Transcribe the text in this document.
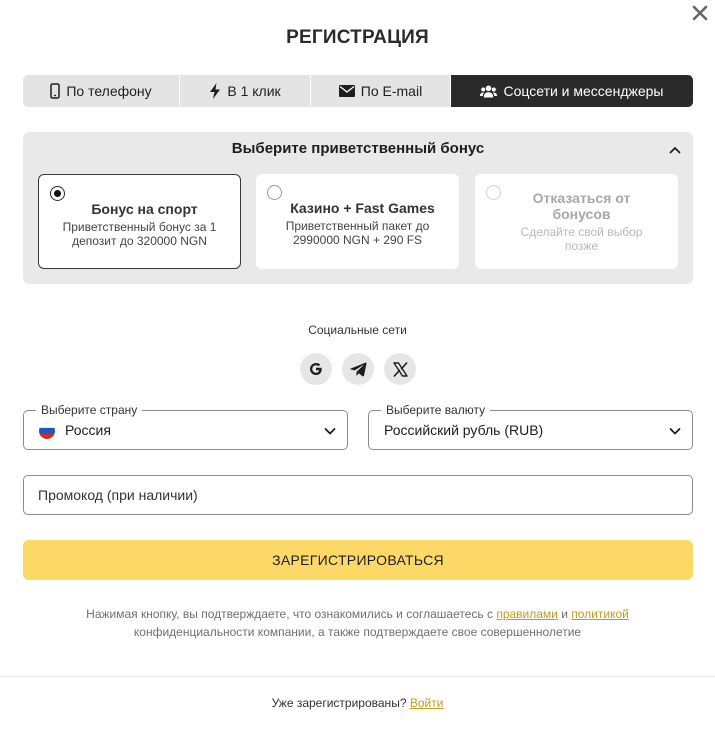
РЕГИСТРАЦИЯ
По телефону	В 1 клик	По E-mail	Соцсети и мессенджеры
Выберите приветственный бонус
Бонус на спорт
Приветственный бонус за 1 депозит до 320000 NGN
Казино + Fast Games
Приветственный пакет до 2990000 NGN + 290 FS
Отказаться от бонусов
Сделайте свой выбор позже
Социальные сети
Выберите страну
Россия
Выберите валюту
Российский рубль (RUB)
Промокод (при наличии)
ЗАРЕГИСТРИРОВАТЬСЯ
Нажимая кнопку, вы подтверждаете, что ознакомились и соглашаетесь с правилами и политикой конфиденциальности компании, а также подтверждаете свое совершеннолетие
Уже зарегистрированы? Войти
